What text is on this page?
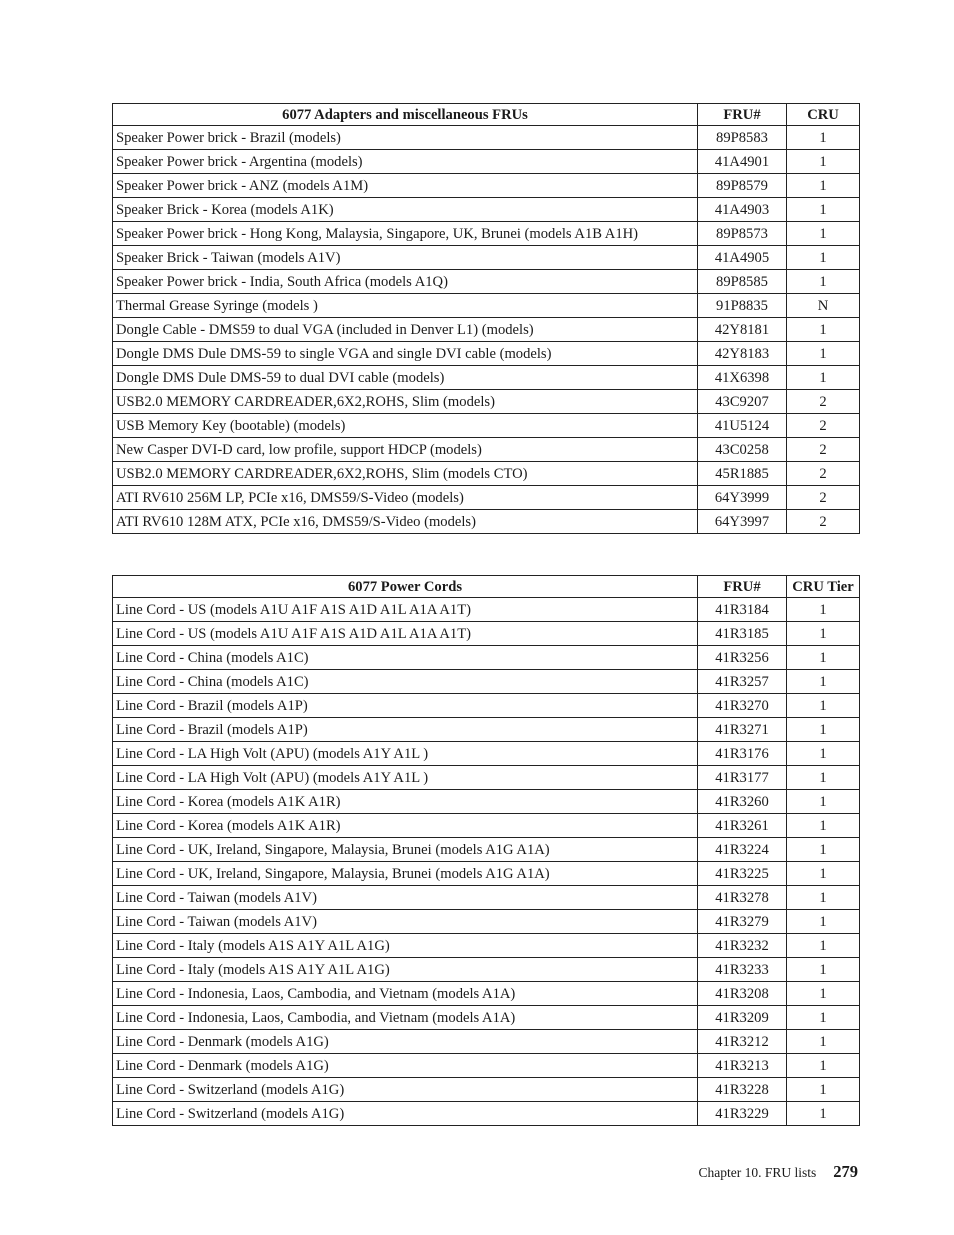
6077 Adapters and miscellaneous FRUs	FRU#	CRU
Speaker Power brick - Brazil (models)	89P8583	1
Speaker Power brick - Argentina (models)	41A4901	1
Speaker Power brick - ANZ (models A1M)	89P8579	1
Speaker Brick - Korea (models A1K)	41A4903	1
Speaker Power brick - Hong Kong, Malaysia, Singapore, UK, Brunei (models A1B A1H)	89P8573	1
Speaker Brick - Taiwan (models A1V)	41A4905	1
Speaker Power brick - India, South Africa (models A1Q)	89P8585	1
Thermal Grease Syringe (models )	91P8835	N
Dongle Cable - DMS59 to dual VGA (included in Denver L1) (models)	42Y8181	1
Dongle DMS Dule DMS-59 to single VGA and single DVI cable (models)	42Y8183	1
Dongle DMS Dule DMS-59 to dual DVI cable (models)	41X6398	1
USB2.0 MEMORY CARDREADER,6X2,ROHS, Slim (models)	43C9207	2
USB Memory Key (bootable) (models)	41U5124	2
New Casper DVI-D card, low profile, support HDCP (models)	43C0258	2
USB2.0 MEMORY CARDREADER,6X2,ROHS, Slim (models CTO)	45R1885	2
ATI RV610 256M LP, PCIe x16, DMS59/S-Video (models)	64Y3999	2
ATI RV610 128M ATX, PCIe x16, DMS59/S-Video (models)	64Y3997	2
6077 Power Cords	FRU#	CRU Tier
Line Cord - US (models A1U A1F A1S A1D A1L A1A A1T)	41R3184	1
Line Cord - US (models A1U A1F A1S A1D A1L A1A A1T)	41R3185	1
Line Cord - China (models A1C)	41R3256	1
Line Cord - China (models A1C)	41R3257	1
Line Cord - Brazil (models A1P)	41R3270	1
Line Cord - Brazil (models A1P)	41R3271	1
Line Cord - LA High Volt (APU) (models A1Y A1L )	41R3176	1
Line Cord - LA High Volt (APU) (models A1Y A1L )	41R3177	1
Line Cord - Korea (models A1K A1R)	41R3260	1
Line Cord - Korea (models A1K A1R)	41R3261	1
Line Cord - UK, Ireland, Singapore, Malaysia, Brunei (models A1G A1A)	41R3224	1
Line Cord - UK, Ireland, Singapore, Malaysia, Brunei (models A1G A1A)	41R3225	1
Line Cord - Taiwan (models A1V)	41R3278	1
Line Cord - Taiwan (models A1V)	41R3279	1
Line Cord - Italy (models A1S A1Y A1L A1G)	41R3232	1
Line Cord - Italy (models A1S A1Y A1L A1G)	41R3233	1
Line Cord - Indonesia, Laos, Cambodia, and Vietnam (models A1A)	41R3208	1
Line Cord - Indonesia, Laos, Cambodia, and Vietnam (models A1A)	41R3209	1
Line Cord - Denmark (models A1G)	41R3212	1
Line Cord - Denmark (models A1G)	41R3213	1
Line Cord - Switzerland (models A1G)	41R3228	1
Line Cord - Switzerland (models A1G)	41R3229	1
Chapter 10. FRU lists 279
